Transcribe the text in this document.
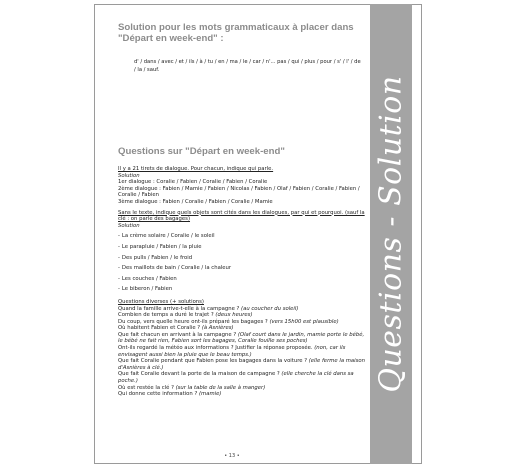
Questions - Solution
Solution pour les mots grammaticaux à placer dans "Départ en week-end" :
d' / dans / avec / et / ils / à / tu / en / ma / le / car / n'... pas / qui / plus / pour / s' / l' / de / la / sauf.
Questions sur "Départ en week-end"
Il y a 21 tirets de dialogue. Pour chacun, indique qui parle.
Solution
1er dialogue : Coralie / Fabien / Coralie / Fabien / Coralie
2ème dialogue : Fabien / Mamie / Fabien / Nicolas / Fabien / Olaf / Fabien / Coralie / Fabien / Coralie / Fabien
3ème dialogue : Fabien / Coralie / Fabien / Coralie / Mamie
Sans le texte, indique quels objets sont cités dans les dialogues, par qui et pourquoi. (sauf la clé : on parle des bagages)
Solution
- La crème solaire / Coralie / le soleil
- Le parapluie / Fabien / la pluie
- Des pulls / Fabien / le froid
- Des maillots de bain / Coralie / la chaleur
- Les couches / Fabien
- Le biberon / Fabien
Questions diverses (+ solutions)
Quand la famille arrive-t-elle à la campagne ? (au coucher du soleil)
Combien de temps a duré le trajet ? (deux heures)
Du coup, vers quelle heure ont-ils préparé les bagages ? (vers 15h00 est plausible)
Où habitent Fabien et Coralie ? (à Asnières)
Que fait chacun en arrivant à la campagne ? (Olaf court dans le jardin, mamie porte le bébé, le bébé ne fait rien, Fabien sort les bagages, Coralie fouille ses poches)
Ont-ils regardé la météo aux informations ? Justifier la réponse proposée. (non, car ils envisagent aussi bien la pluie que le beau temps.)
Que fait Coralie pendant que Fabien pose les bagages dans la voiture ? (elle ferme la maison d'Asnières à clé.)
Que fait Coralie devant la porte de la maison de campagne ? (elle cherche la clé dans sa poche.)
Où est restée la clé ? (sur la table de la salle à manger)
Qui donne cette information ? (mamie)
• 13 •
